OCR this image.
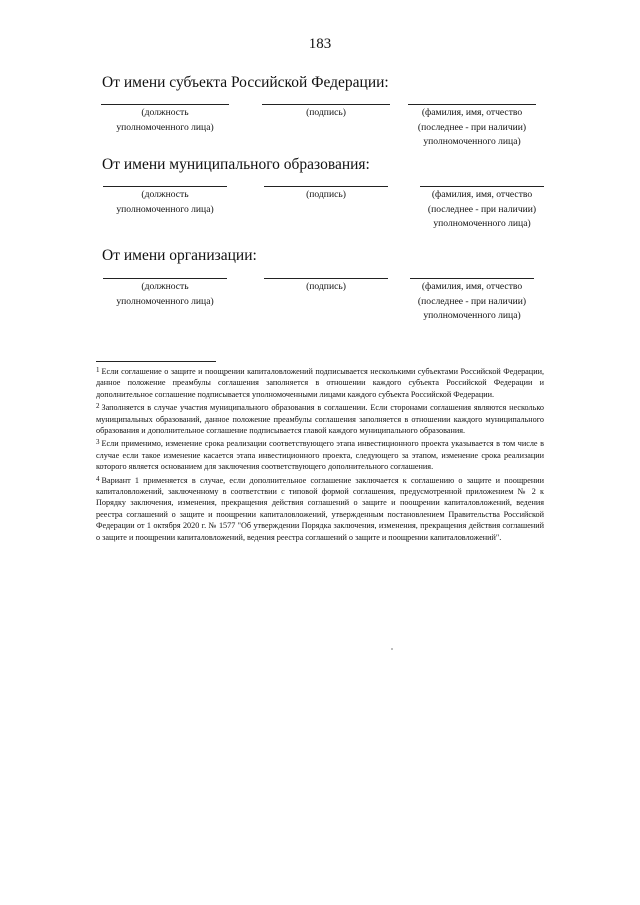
183
От имени субъекта Российской Федерации:
(должность
уполномоченного лица)
(подпись)	(фамилия, имя, отчество
(последнее - при наличии)
уполномоченного лица)
От имени муниципального образования:
(должность
уполномоченного лица)
(подпись)	(фамилия, имя, отчество
(последнее - при наличии)
уполномоченного лица)
От имени организации:
(должность
уполномоченного лица)
(подпись)	(фамилия, имя, отчество
(последнее - при наличии)
уполномоченного лица)

$^1$ Если соглашение о защите и поощрении капиталовложений подписывается несколькими субъектами Российской Федерации, данное положение преамбулы соглашения заполняется в отношении каждого субъекта Российской Федерации и дополнительное соглашение подписывается уполномоченными лицами каждого субъекта Российской Федерации.

$^2$ Заполняется в случае участия муниципального образования в соглашении. Если сторонами соглашения являются несколько муниципальных образований, данное положение преамбулы соглашения заполняется в отношении каждого муниципального образования и дополнительное соглашение подписывается главой каждого муниципального образования.

$^3$ Если применимо, изменение срока реализации соответствующего этапа инвестиционного проекта указывается в том числе в случае если такое изменение касается этапа инвестиционного проекта, следующего за этапом, изменение срока реализации которого является основанием для заключения соответствующего дополнительного соглашения.

$^4$ Вариант 1 применяется в случае, если дополнительное соглашение заключается к соглашению о защите и поощрении капиталовложений, заключенному в соответствии с типовой формой соглашения, предусмотренной приложением № 2 к Порядку заключения, изменения, прекращения действия соглашений о защите и поощрении капиталовложений, ведения реестра соглашений о защите и поощрении капиталовложений, утвержденным постановлением Правительства Российской Федерации от 1 октября 2020 г. № 1577 "Об утверждении Порядка заключения, изменения, прекращения действия соглашений о защите и поощрении капиталовложений, ведения реестра соглашений о защите и поощрении капиталовложений".
